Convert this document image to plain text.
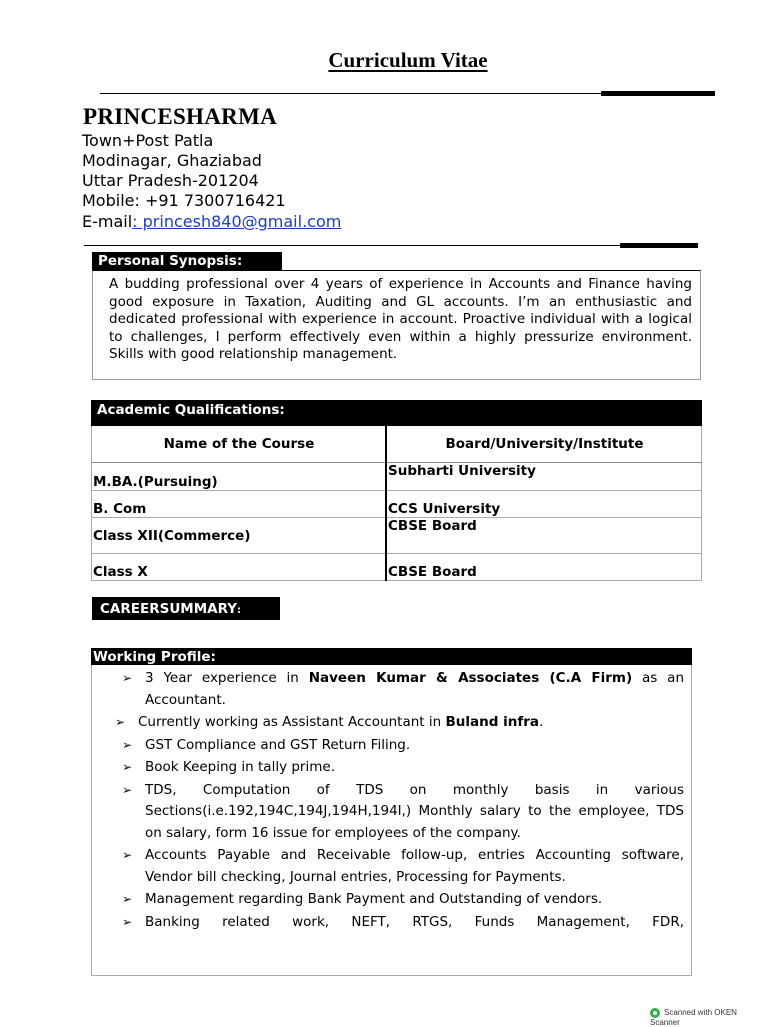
Curriculum Vitae
PRINCESHARMA
Town+Post Patla
Modinagar, Ghaziabad
Uttar Pradesh-201204
Mobile: +91 7300716421
E-mail: princesh840@gmail.com
Personal Synopsis:
A budding professional over 4 years of experience in Accounts and Finance having good exposure in Taxation, Auditing and GL accounts. I’m an enthusiastic and dedicated professional with experience in account. Proactive individual with a logical to challenges, I perform effectively even within a highly pressurize environment. Skills with good relationship management.
Academic Qualifications:
Name of the Course	Board/University/Institute
M.BA.(Pursuing)	Subharti University
B. Com	CCS University
Class XII(Commerce)	CBSE Board
Class X	CBSE Board
CAREERSUMMARY:
Working Profile:
➢ 3 Year experience in Naveen Kumar & Associates (C.A Firm) as an Accountant.
➢ Currently working as Assistant Accountant in Buland infra.
➢ GST Compliance and GST Return Filing.
➢ Book Keeping in tally prime.
➢ TDS, Computation of TDS on monthly basis in various Sections(i.e.192,194C,194J,194H,194I,) Monthly salary to the employee, TDS on salary, form 16 issue for employees of the company.
➢ Accounts Payable and Receivable follow-up, entries Accounting software, Vendor bill checking, Journal entries, Processing for Payments.
➢ Management regarding Bank Payment and Outstanding of vendors.
➢ Banking related work, NEFT, RTGS, Funds Management, FDR,
Scanned with OKEN Scanner
